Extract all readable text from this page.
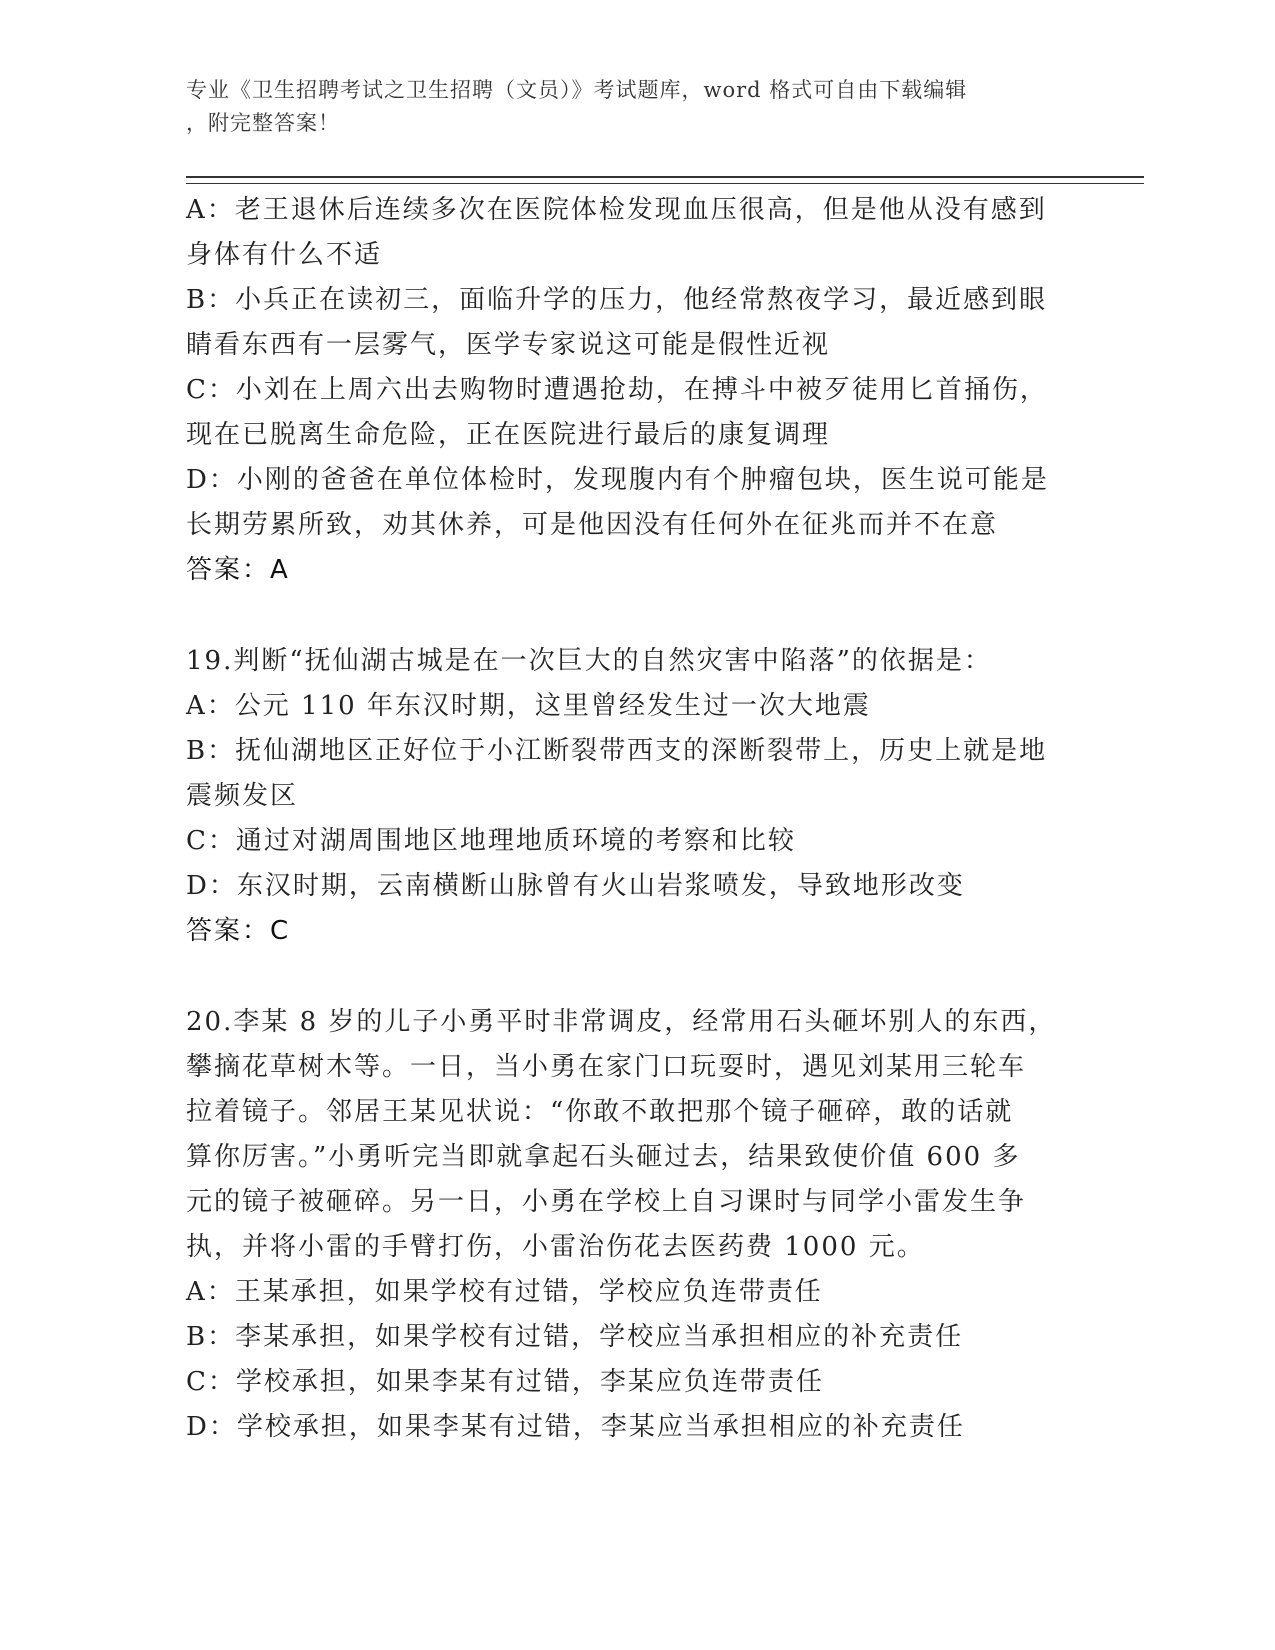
专业《卫生招聘考试之卫生招聘（文员）》考试题库，word 格式可自由下载编辑
，附完整答案！
A：老王退休后连续多次在医院体检发现血压很高，但是他从没有感到
身体有什么不适
B：小兵正在读初三，面临升学的压力，他经常熬夜学习，最近感到眼
睛看东西有一层雾气，医学专家说这可能是假性近视
C：小刘在上周六出去购物时遭遇抢劫，在搏斗中被歹徒用匕首捅伤，
现在已脱离生命危险，正在医院进行最后的康复调理
D：小刚的爸爸在单位体检时，发现腹内有个肿瘤包块，医生说可能是
长期劳累所致，劝其休养，可是他因没有任何外在征兆而并不在意
答案：A
19.判断“抚仙湖古城是在一次巨大的自然灾害中陷落”的依据是：
A：公元 110 年东汉时期，这里曾经发生过一次大地震
B：抚仙湖地区正好位于小江断裂带西支的深断裂带上，历史上就是地
震频发区
C：通过对湖周围地区地理地质环境的考察和比较
D：东汉时期，云南横断山脉曾有火山岩浆喷发，导致地形改变
答案：C
20.李某 8 岁的儿子小勇平时非常调皮，经常用石头砸坏别人的东西，
攀摘花草树木等。一日，当小勇在家门口玩耍时，遇见刘某用三轮车
拉着镜子。邻居王某见状说：“你敢不敢把那个镜子砸碎，敢的话就
算你厉害。”小勇听完当即就拿起石头砸过去，结果致使价值 600 多
元的镜子被砸碎。另一日，小勇在学校上自习课时与同学小雷发生争
执，并将小雷的手臂打伤，小雷治伤花去医药费 1000 元。
A：王某承担，如果学校有过错，学校应负连带责任
B：李某承担，如果学校有过错，学校应当承担相应的补充责任
C：学校承担，如果李某有过错，李某应负连带责任
D：学校承担，如果李某有过错，李某应当承担相应的补充责任
